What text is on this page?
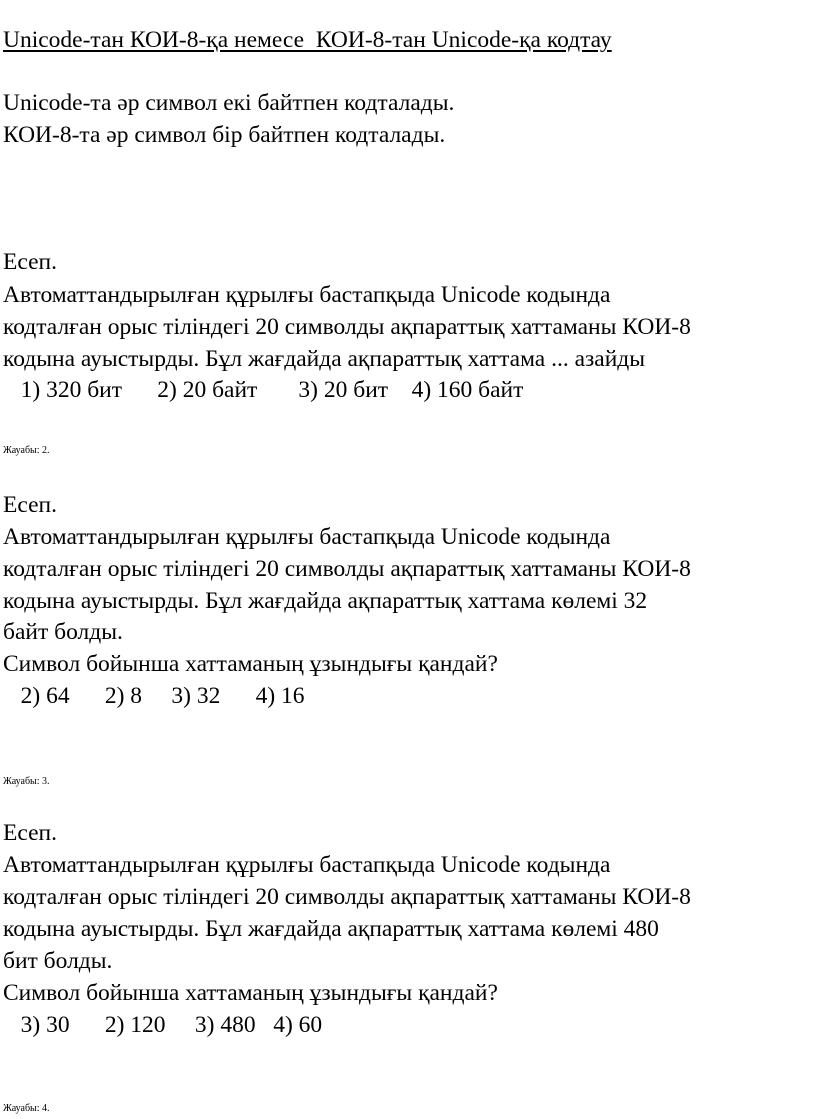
Unicode-тан КОИ-8-қа немесе  КОИ-8-тан Unicode-қа кодтау
Unicode-та әр символ екі байтпен кодталады.
КОИ-8-та әр символ бір байтпен кодталады.
Есеп.
Автоматтандырылған құрылғы бастапқыда Unicode кодында
кодталған орыс тіліндегі 20 символды ақпараттық хаттаманы КОИ-8
кодына ауыстырды. Бұл жағдайда ақпараттық хаттама ... азайды
1) 320 бит      2) 20 байт       3) 20 бит    4) 160 байт
Жауабы: 2.
Есеп.
Автоматтандырылған құрылғы бастапқыда Unicode кодында
кодталған орыс тіліндегі 20 символды ақпараттық хаттаманы КОИ-8
кодына ауыстырды. Бұл жағдайда ақпараттық хаттама көлемі 32
байт болды.
Символ бойынша хаттаманың ұзындығы қандай?
2) 64      2) 8     3) 32      4) 16
Жауабы: 3.
Есеп.
Автоматтандырылған құрылғы бастапқыда Unicode кодында
кодталған орыс тіліндегі 20 символды ақпараттық хаттаманы КОИ-8
кодына ауыстырды. Бұл жағдайда ақпараттық хаттама көлемі 480
бит болды.
Символ бойынша хаттаманың ұзындығы қандай?
3) 30      2) 120     3) 480   4) 60
Жауабы: 4.
